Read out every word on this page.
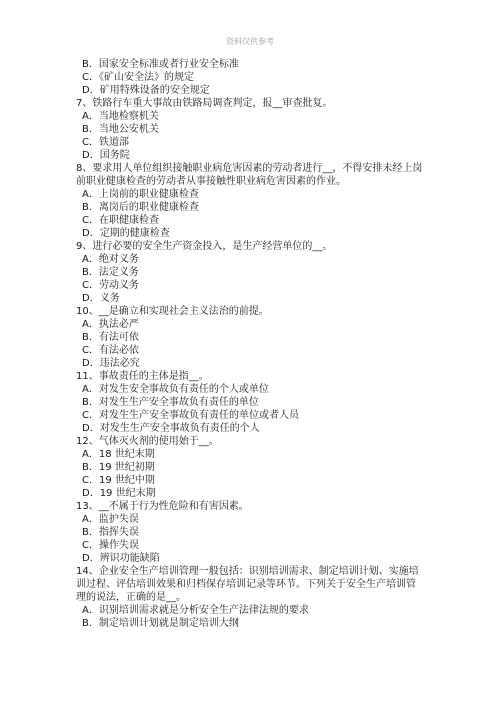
资料仅供参考
B．国家安全标准或者行业安全标准
C．《矿山安全法》的规定
D．矿用特殊设备的安全规定
7、铁路行车重大事故由铁路局调查判定，报__审查批复。
A．当地检察机关
B．当地公安机关
C．铁道部
D．国务院
8、要求用人单位组织接触职业病危害因素的劳动者进行__，不得安排未经上岗
前职业健康检查的劳动者从事接触性职业病危害因素的作业。
A．上岗前的职业健康检查
B．离岗后的职业健康检查
C．在职健康检查
D．定期的健康检查
9、进行必要的安全生产资金投入，是生产经营单位的__。
A．绝对义务
B．法定义务
C．劳动义务
D．义务
10、__是确立和实现社会主义法治的前提。
A．执法必严
B．有法可依
C．有法必依
D．违法必究
11、事故责任的主体是指__。
A．对发生安全事故负有责任的个人或单位
B．对发生生产安全事故负有责任的单位
C．对发生生产安全事故负有责任的单位或者人员
D．对发生生产安全事故负有责任的个人
12、气体灭火剂的使用始于__。
A．18 世纪末期
B．19 世纪初期
C．19 世纪中期
D．19 世纪末期
13、__不属于行为性危险和有害因素。
A．监护失误
B．指挥失误
C．操作失误
D．辨识功能缺陷
14、企业安全生产培训管理一般包括：识别培训需求、制定培训计划、实施培
训过程、评估培训效果和归档保存培训记录等环节。下列关于安全生产培训管
理的说法，正确的是__。
A．识别培训需求就是分析安全生产法律法规的要求
B．制定培训计划就是制定培训大纲
